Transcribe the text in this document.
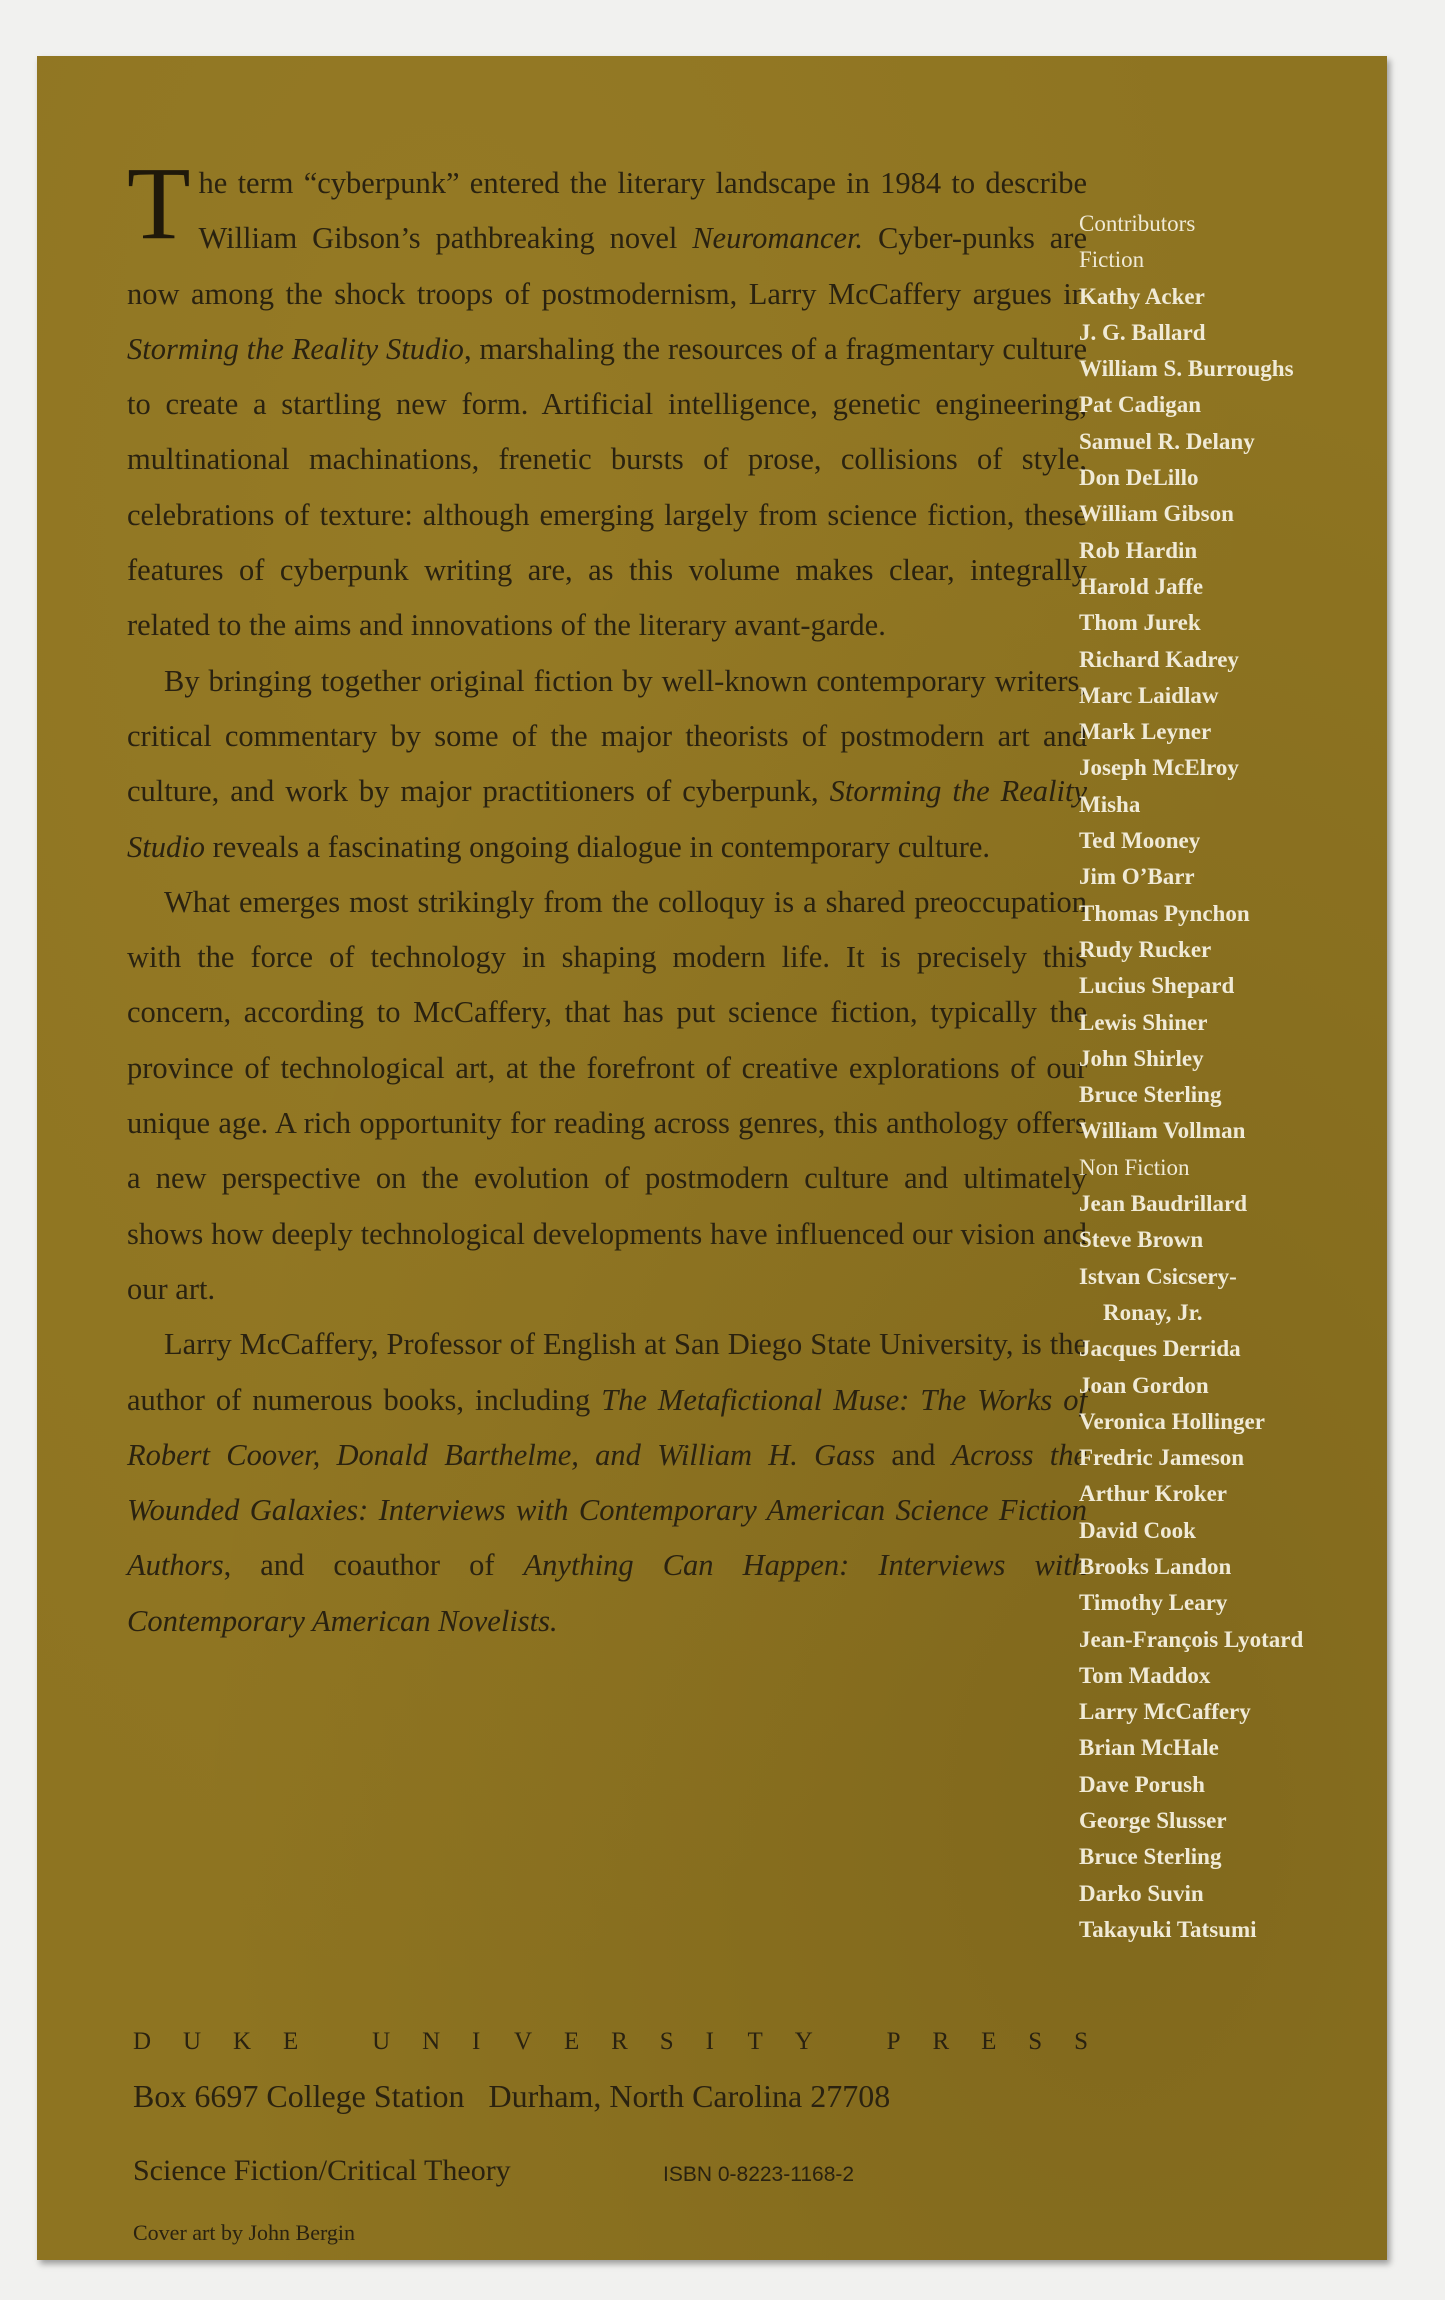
The term “cyberpunk” entered the literary landscape in 1984 to describe William Gibson’s pathbreaking novel Neuromancer. Cyber-punks are now among the shock troops of postmodernism, Larry McCaffery argues in Storming the Reality Studio, marshaling the resources of a fragmentary culture to create a startling new form. Artificial intelligence, genetic engineering, multinational machinations, frenetic bursts of prose, collisions of style, celebrations of texture: although emerging largely from science fiction, these features of cyberpunk writing are, as this volume makes clear, integrally related to the aims and innovations of the literary avant-garde.

By bringing together original fiction by well-known contemporary writers, critical commentary by some of the major theorists of postmodern art and culture, and work by major practitioners of cyberpunk, Storming the Reality Studio reveals a fascinating ongoing dialogue in contemporary culture.

What emerges most strikingly from the colloquy is a shared preoccupation with the force of technology in shaping modern life. It is precisely this concern, according to McCaffery, that has put science fiction, typically the province of technological art, at the forefront of creative explorations of our unique age. A rich opportunity for reading across genres, this anthology offers a new perspective on the evolution of postmodern culture and ultimately shows how deeply technological developments have influenced our vision and our art.

Larry McCaffery, Professor of English at San Diego State University, is the author of numerous books, including The Metafictional Muse: The Works of Robert Coover, Donald Barthelme, and William H. Gass and Across the Wounded Galaxies: Interviews with Contemporary American Science Fiction Authors, and coauthor of Anything Can Happen: Interviews with Contemporary American Novelists.

Contributors
Fiction
Kathy Acker
J. G. Ballard
William S. Burroughs
Pat Cadigan
Samuel R. Delany
Don DeLillo
William Gibson
Rob Hardin
Harold Jaffe
Thom Jurek
Richard Kadrey
Marc Laidlaw
Mark Leyner
Joseph McElroy
Misha
Ted Mooney
Jim O’Barr
Thomas Pynchon
Rudy Rucker
Lucius Shepard
Lewis Shiner
John Shirley
Bruce Sterling
William Vollman
Non Fiction
Jean Baudrillard
Steve Brown
Istvan Csicsery-
Ronay, Jr.
Jacques Derrida
Joan Gordon
Veronica Hollinger
Fredric Jameson
Arthur Kroker
David Cook
Brooks Landon
Timothy Leary
Jean-François Lyotard
Tom Maddox
Larry McCaffery
Brian McHale
Dave Porush
George Slusser
Bruce Sterling
Darko Suvin
Takayuki Tatsumi
D U K E	U N I V E R S I T Y	P R E S S
Box 6697 College Station   Durham, North Carolina 27708
Science Fiction/Critical Theory	ISBN 0-8223-1168-2
Cover art by John Bergin
